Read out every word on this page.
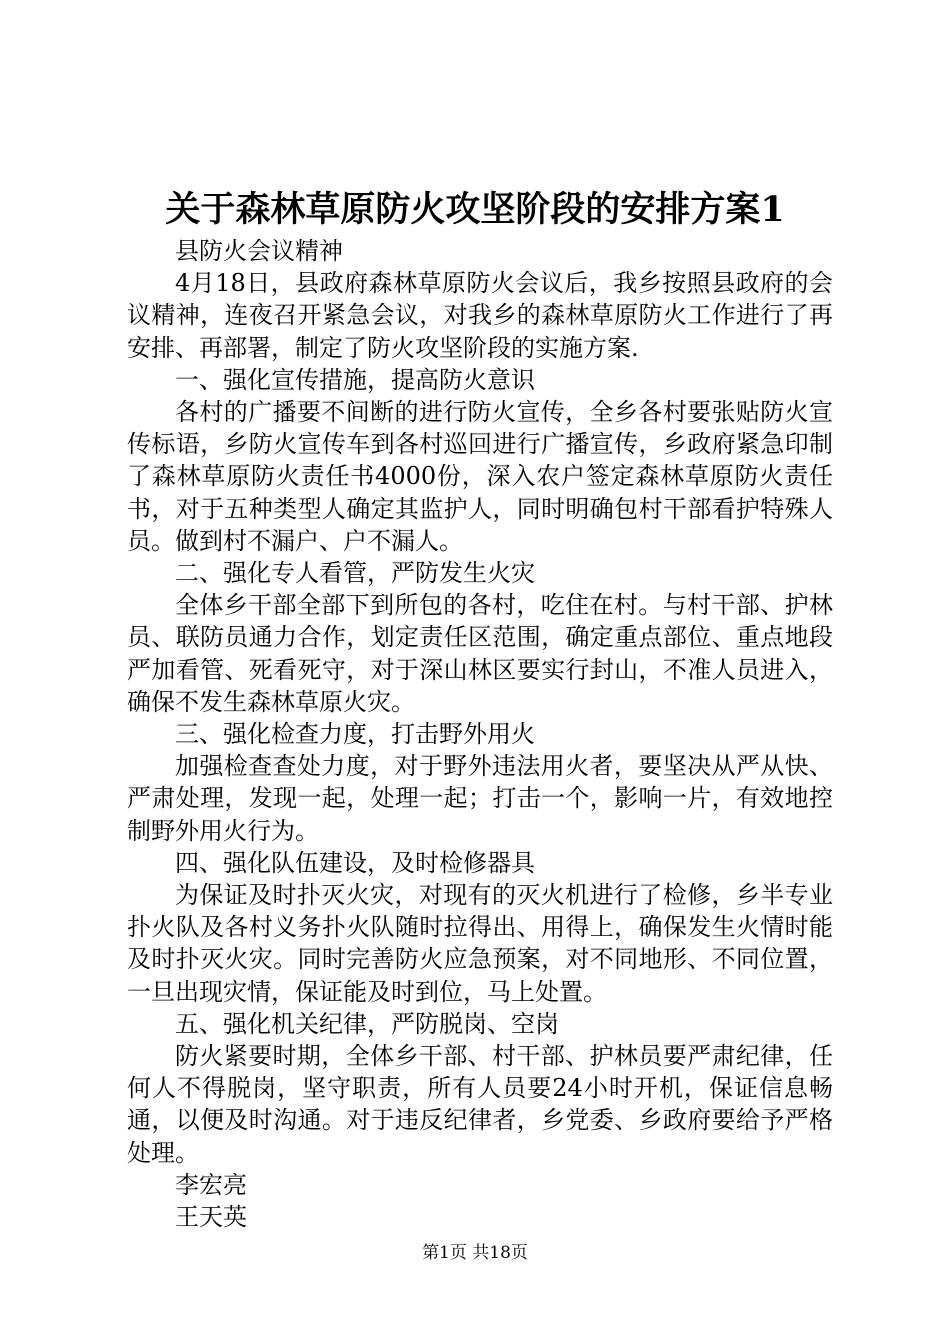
关于森林草原防火攻坚阶段的安排方案1

县防火会议精神

4月18日，县政府森林草原防火会议后，我乡按照县政府的会议精神，连夜召开紧急会议，对我乡的森林草原防火工作进行了再安排、再部署，制定了防火攻坚阶段的实施方案.

一、强化宣传措施，提高防火意识

各村的广播要不间断的进行防火宣传，全乡各村要张贴防火宣传标语，乡防火宣传车到各村巡回进行广播宣传，乡政府紧急印制了森林草原防火责任书4000份，深入农户签定森林草原防火责任书，对于五种类型人确定其监护人，同时明确包村干部看护特殊人员。做到村不漏户、户不漏人。

二、强化专人看管，严防发生火灾

全体乡干部全部下到所包的各村，吃住在村。与村干部、护林员、联防员通力合作，划定责任区范围，确定重点部位、重点地段严加看管、死看死守，对于深山林区要实行封山，不准人员进入，确保不发生森林草原火灾。

三、强化检查力度，打击野外用火

加强检查查处力度，对于野外违法用火者，要坚决从严从快、严肃处理，发现一起，处理一起；打击一个，影响一片，有效地控制野外用火行为。

四、强化队伍建设，及时检修器具

为保证及时扑灭火灾，对现有的灭火机进行了检修，乡半专业扑火队及各村义务扑火队随时拉得出、用得上，确保发生火情时能及时扑灭火灾。同时完善防火应急预案，对不同地形、不同位置，一旦出现灾情，保证能及时到位，马上处置。

五、强化机关纪律，严防脱岗、空岗

防火紧要时期，全体乡干部、村干部、护林员要严肃纪律，任何人不得脱岗，坚守职责，所有人员要24小时开机，保证信息畅通，以便及时沟通。对于违反纪律者，乡党委、乡政府要给予严格处理。

李宏亮

王天英

第1页 共18页
